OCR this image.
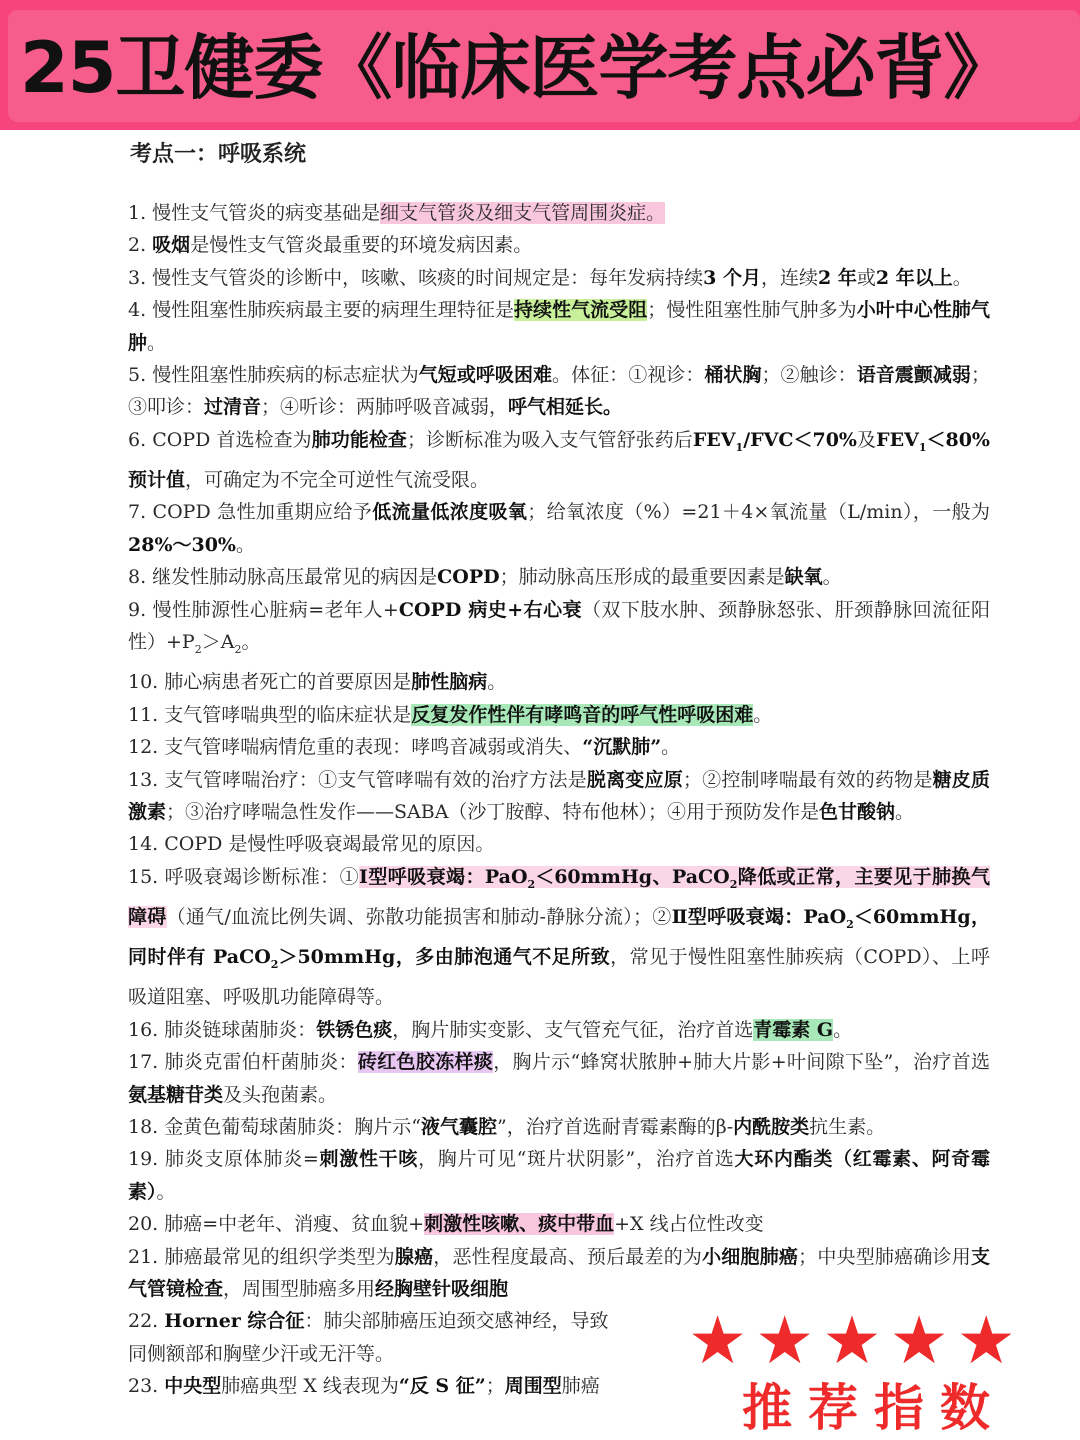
25卫健委《临床医学考点必背》
考点一：呼吸系统

1. 慢性支气管炎的病变基础是细支气管炎及细支气管周围炎症。

2. 吸烟是慢性支气管炎最重要的环境发病因素。

3. 慢性支气管炎的诊断中，咳嗽、咳痰的时间规定是：每年发病持续3 个月，连续2 年或2 年以上。

4. 慢性阻塞性肺疾病最主要的病理生理特征是持续性气流受阻；慢性阻塞性肺气肿多为小叶中心性肺气肿。

5. 慢性阻塞性肺疾病的标志症状为气短或呼吸困难。体征：①视诊：桶状胸；②触诊：语音震颤减弱；③叩诊：过清音；④听诊：两肺呼吸音减弱，呼气相延长。

6. COPD 首选检查为肺功能检查；诊断标准为吸入支气管舒张药后$FEV_1/FVC<70\%$及$FEV_1<80\%$ 预计值，可确定为不完全可逆性气流受限。

7. COPD 急性加重期应给予低流量低浓度吸氧；给氧浓度（%）=21＋4×氧流量（L/min），一般为28%～30%。

8. 继发性肺动脉高压最常见的病因是COPD；肺动脉高压形成的最重要因素是缺氧。

9. 慢性肺源性心脏病=老年人+COPD 病史+右心衰（双下肢水肿、颈静脉怒张、肝颈静脉回流征阳性）$+P_2>A_2$。

10. 肺心病患者死亡的首要原因是肺性脑病。

11. 支气管哮喘典型的临床症状是反复发作性伴有哮鸣音的呼气性呼吸困难。

12. 支气管哮喘病情危重的表现：哮鸣音减弱或消失、“沉默肺”。

13. 支气管哮喘治疗：①支气管哮喘有效的治疗方法是脱离变应原；②控制哮喘最有效的药物是糖皮质激素；③治疗哮喘急性发作——SABA（沙丁胺醇、特布他林）；④用于预防发作是色甘酸钠。

14. COPD 是慢性呼吸衰竭最常见的原因。

15. 呼吸衰竭诊断标准：①Ⅰ型呼吸衰竭：PaO$_2$＜60mmHg、PaCO$_2$降低或正常，主要见于肺换气障碍（通气/血流比例失调、弥散功能损害和肺动-静脉分流）；②Ⅱ型呼吸衰竭：PaO$_2$＜60mmHg，同时伴有 PaCO$_2$＞50mmHg，多由肺泡通气不足所致，常见于慢性阻塞性肺疾病（COPD）、上呼吸道阻塞、呼吸肌功能障碍等。

16. 肺炎链球菌肺炎：铁锈色痰，胸片肺实变影、支气管充气征，治疗首选青霉素 G。

17. 肺炎克雷伯杆菌肺炎：砖红色胶冻样痰，胸片示“蜂窝状脓肿+肺大片影+叶间隙下坠”，治疗首选氨基糖苷类及头孢菌素。

18. 金黄色葡萄球菌肺炎：胸片示“液气囊腔”，治疗首选耐青霉素酶的β-内酰胺类抗生素。

19. 肺炎支原体肺炎=刺激性干咳，胸片可见“斑片状阴影”，治疗首选大环内酯类（红霉素、阿奇霉素）。

20. 肺癌=中老年、消瘦、贫血貌+刺激性咳嗽、痰中带血+X 线占位性改变

21. 肺癌最常见的组织学类型为腺癌，恶性程度最高、预后最差的为小细胞肺癌；中央型肺癌确诊用支气管镜检查，周围型肺癌多用经胸壁针吸细胞

22. Horner 综合征：肺尖部肺癌压迫颈交感神经，导致
同侧额部和胸壁少汗或无汗等。

23. 中央型肺癌典型 X 线表现为“反 S 征”；周围型肺癌

★★★★★
推荐指数
